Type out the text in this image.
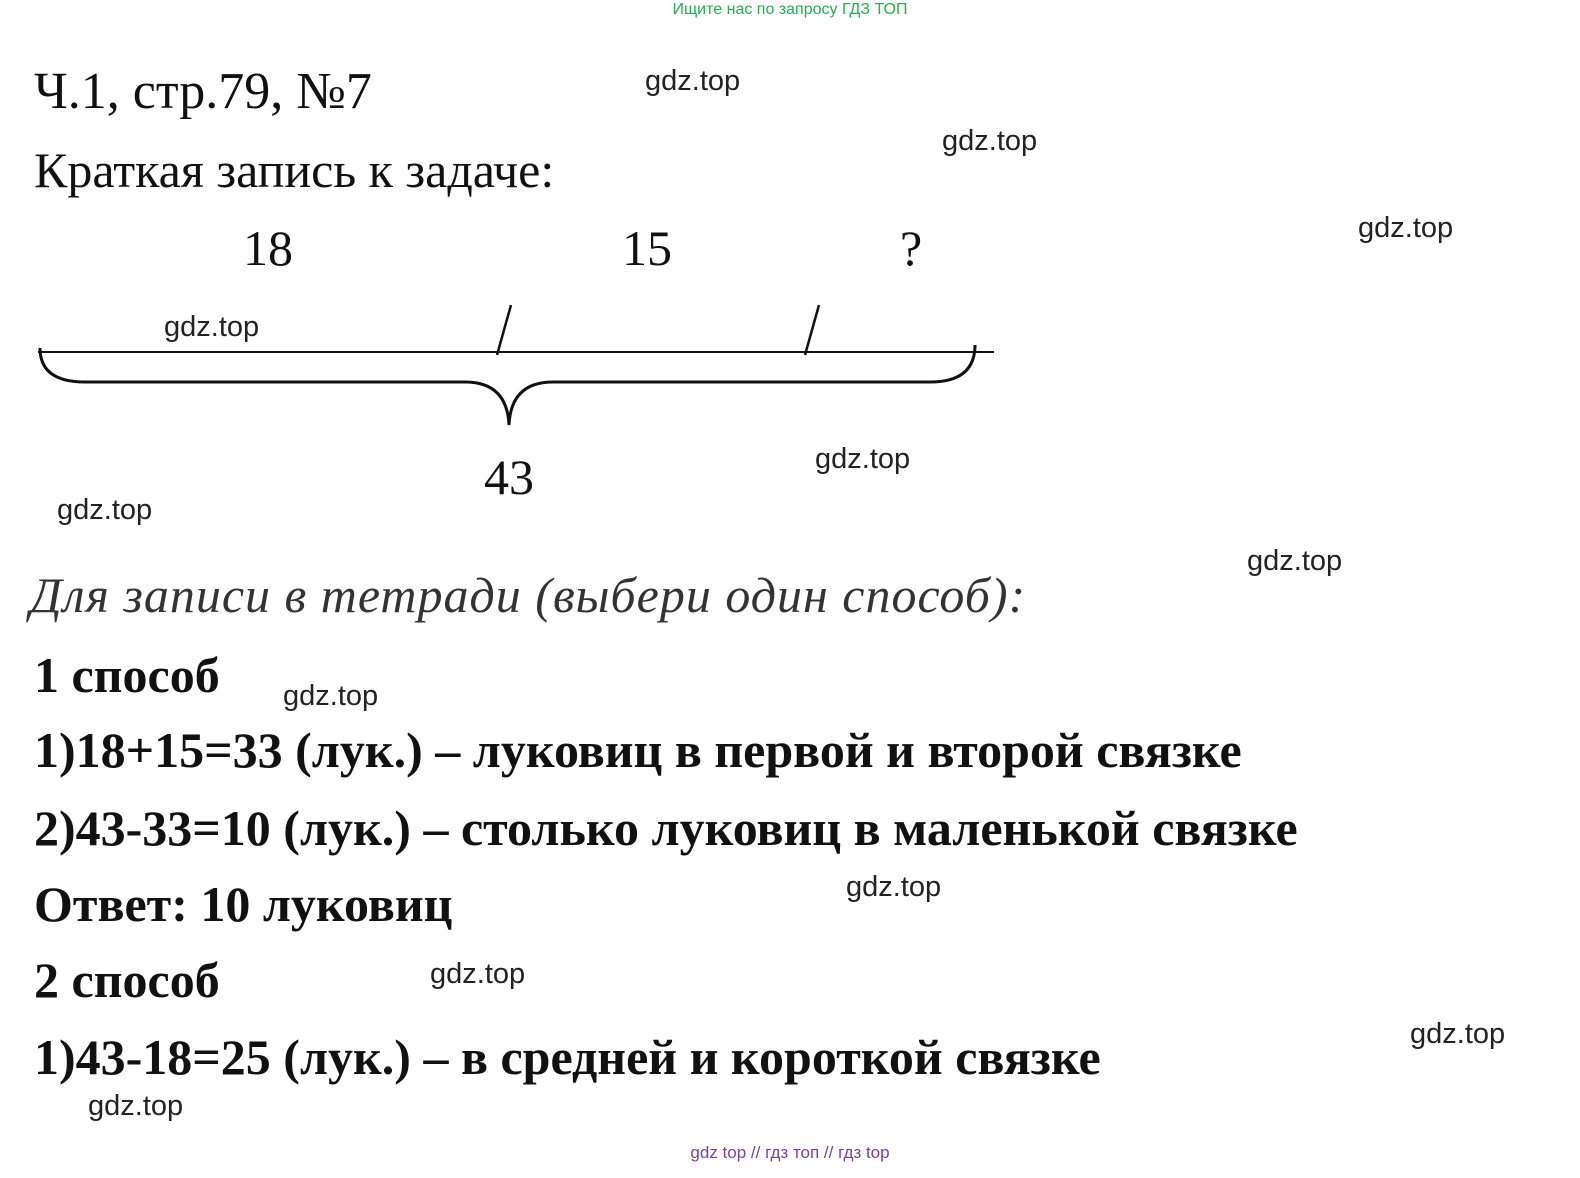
Ищите нас по запросу ГДЗ ТОП
Ч.1, стр.79, №7
Краткая запись к задаче:
18	15	?
43
Для записи в тетради (выбери один способ):
1 способ
1)18+15=33 (лук.) – луковиц в первой и второй связке
2)43-33=10 (лук.) – столько луковиц в маленькой связке
Ответ: 10 луковиц
2 способ
1)43-18=25 (лук.) – в средней и короткой связке
gdz.top
gdz.top
gdz.top
gdz.top
gdz.top
gdz.top
gdz.top
gdz.top
gdz.top
gdz.top
gdz.top
gdz.top
gdz top // гдз топ // гдз top
